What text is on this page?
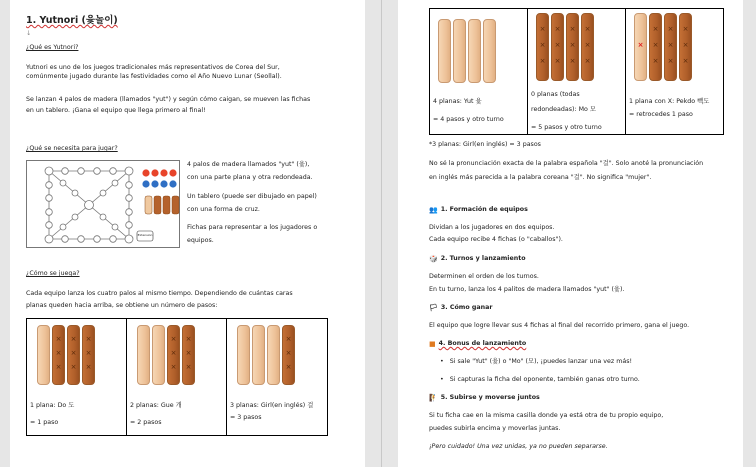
1. Yutnori (윷놀이)
↓
¿Qué es Yutnori?
Yutnori es uno de los juegos tradicionales más representativos de Corea del Sur,
comúnmente jugado durante las festividades como el Año Nuevo Lunar (Seollal).
Se lanzan 4 palos de madera (llamados "yut") y según cómo caigan, se mueven las fichas
en un tablero. ¡Gana el equipo que llega primero al final!
¿Qué se necesita para jugar?
Extension
4 palos de madera llamados "yut" (윷),
con una parte plana y otra redondeada.
Un tablero (puede ser dibujado en papel)
con una forma de cruz.
Fichas para representar a los jugadores o
equipos.
¿Cómo se juega?
Cada equipo lanza los cuatro palos al mismo tiempo. Dependiendo de cuántas caras
planas queden hacia arriba, se obtiene un número de pasos:
×
×
×
×
×
×
×
×
×
1 plana: Do 도
= 1 paso
×
×
×
×
×
×
2 planas: Gue 개
= 2 pasos
×
×
×
3 planas: Girl(en inglés) 걸
= 3 pasos
4 planas: Yut 윷
= 4 pasos y otro turno
×
×
×
×
×
×
×
×
×
×
×
×
0 planas (todas
redondeadas): Mo 모
= 5 pasos y otro turno
×
×
×
×
×
×
×
×
×
×
1 plana con X: Pekdo 빽도
= retrocedes 1 paso
*3 planas: Girl(en inglés) = 3 pasos
No sé la pronunciación exacta de la palabra española "걸". Solo anoté la pronunciación
en inglés más parecida a la palabra coreana "걸". No significa "mujer".
👥 1. Formación de equipos
Dividan a los jugadores en dos equipos.
Cada equipo recibe 4 fichas (o "caballos").
🎲 2. Turnos y lanzamiento
Determinen el orden de los turnos.
En tu turno, lanza los 4 palitos de madera llamados "yut" (윷).
🏳 3. Cómo ganar
El equipo que logre llevar sus 4 fichas al final del recorrido primero, gana el juego.
■ 4. Bonus de lanzamiento
•   Si sale "Yut" (윷) o "Mo" (모), ¡puedes lanzar una vez más!
•   Si capturas la ficha del oponente, también ganas otro turno.
🧗 5. Subirse y moverse juntos
Si tu ficha cae en la misma casilla donde ya está otra de tu propio equipo,
puedes subirla encima y moverlas juntas.
¡Pero cuidado! Una vez unidas, ya no pueden separarse.
